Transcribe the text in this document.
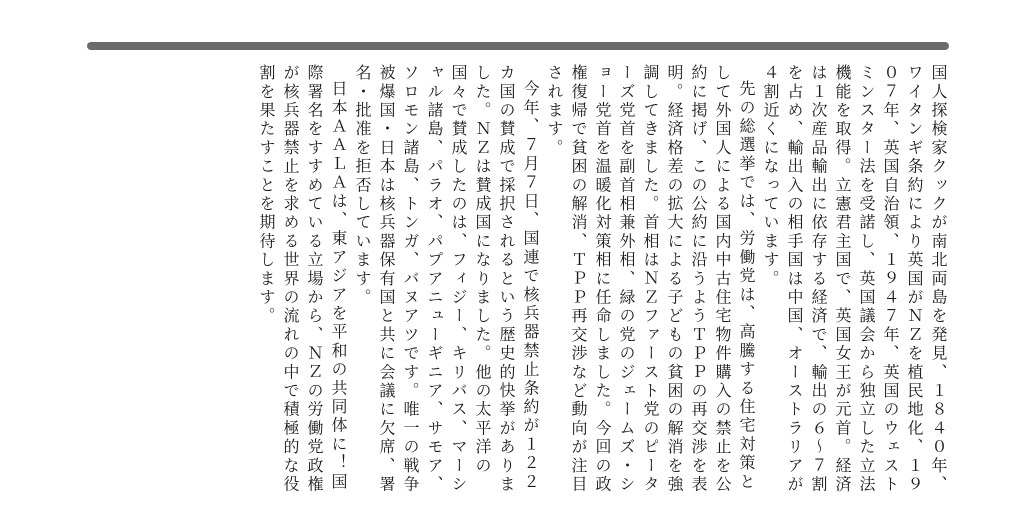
国人探検家クックが南北両島を発見、１８４０年、ワイタンギ条約により英国がＮＺを植民地化、１９０７年、英国自治領、１９４７年、英国のウェストミンスター法を受諾し、英国議会から独立した立法機能を取得。立憲君主国で、英国女王が元首。経済は１次産品輸出に依存する経済で、輸出の６～７割を占め、輸出入の相手国は中国、オーストラリアが４割近くになっています。

先の総選挙では、労働党は、高騰する住宅対策として外国人による国内中古住宅物件購入の禁止を公約に掲げ、この公約に沿うようＴＰＰの再交渉を表明。経済格差の拡大による子どもの貧困の解消を強調してきました。首相はＮＺファースト党のピーターズ党首を副首相兼外相、緑の党のジェームズ・ショー党首を温暖化対策相に任命しました。今回の政権復帰で貧困の解消、ＴＰＰ再交渉など動向が注目されます。

今年、７月７日、国連で核兵器禁止条約が１２２カ国の賛成で採択されるという歴史的快挙がありました。ＮＺは賛成国になりました。他の太平洋の国々で賛成したのは、フィジー、キリバス、マーシャル諸島、パラオ、パプアニューギニア、サモア、ソロモン諸島、トンガ、バヌアツです。唯一の戦争被爆国・日本は核兵器保有国と共に会議に欠席、署名・批准を拒否しています。

日本ＡＡＬＡは、東アジアを平和の共同体に！国際署名をすすめている立場から、ＮＺの労働党政権が核兵器禁止を求める世界の流れの中で積極的な役割を果たすことを期待します。
